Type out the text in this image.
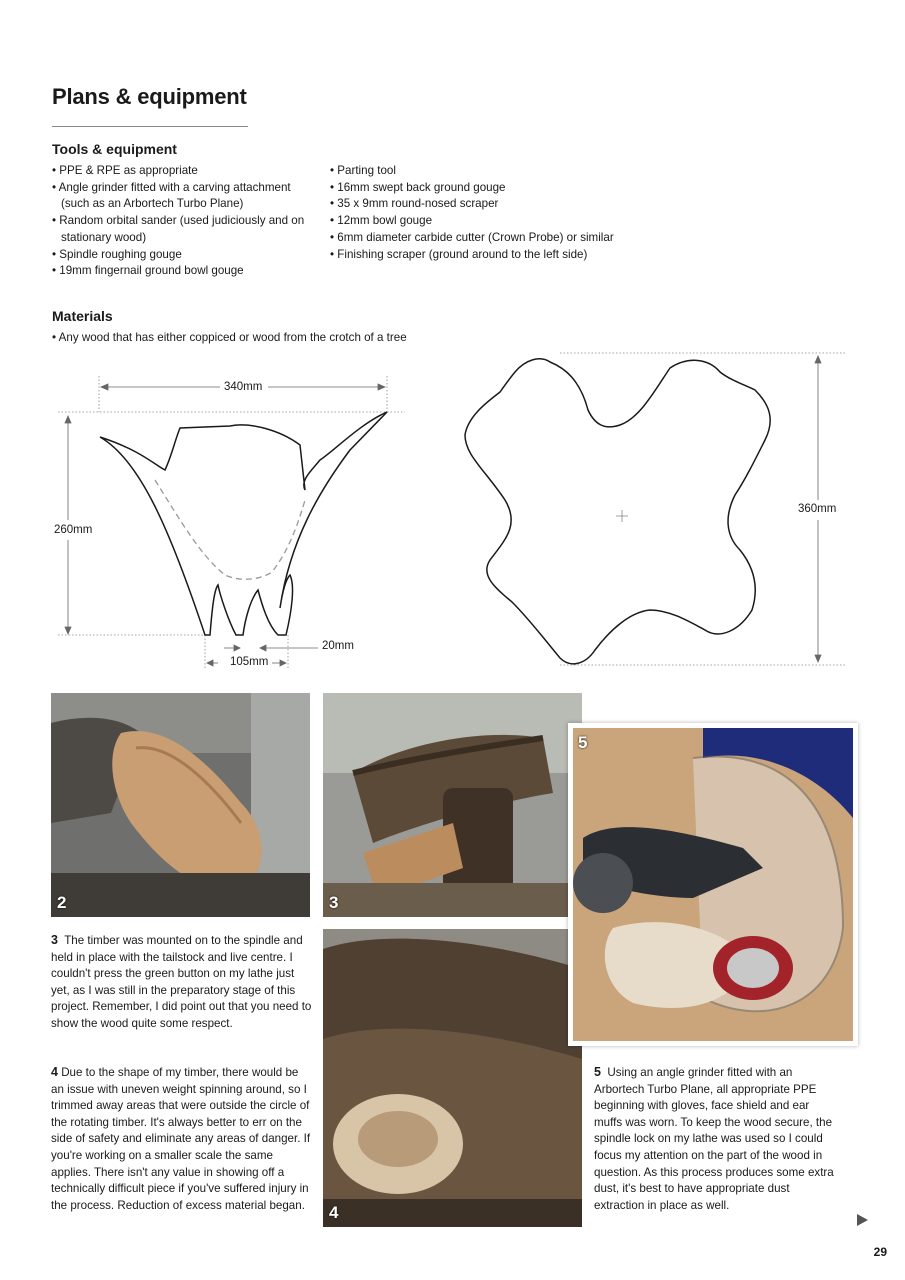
Plans & equipment
Tools & equipment
• PPE & RPE as appropriate
• Angle grinder fitted with a carving attachment (such as an Arbortech Turbo Plane)
• Random orbital sander (used judiciously and on stationary wood)
• Spindle roughing gouge
• 19mm fingernail ground bowl gouge
• Parting tool
• 16mm swept back ground gouge
• 35 x 9mm round-nosed scraper
• 12mm bowl gouge
• 6mm diameter carbide cutter (Crown Probe) or similar
• Finishing scraper (ground around to the left side)
Materials
• Any wood that has either coppiced or wood from the crotch of a tree
340mm
260mm
20mm
105mm
360mm
2	3
4
5

3 The timber was mounted on to the spindle and held in place with the tailstock and live centre. I couldn't press the green button on my lathe just yet, as I was still in the preparatory stage of this project. Remember, I did point out that you need to show the wood quite some respect.

4 Due to the shape of my timber, there would be an issue with uneven weight spinning around, so I trimmed away areas that were outside the circle of the rotating timber. It's always better to err on the side of safety and eliminate any areas of danger. If you're working on a smaller scale the same applies. There isn't any value in showing off a technically difficult piece if you've suffered injury in the process. Reduction of excess material began.

5 Using an angle grinder fitted with an Arbortech Turbo Plane, all appropriate PPE beginning with gloves, face shield and ear muffs was worn. To keep the wood secure, the spindle lock on my lathe was used so I could focus my attention on the part of the wood in question. As this process produces some extra dust, it's best to have appropriate dust extraction in place as well.

29
